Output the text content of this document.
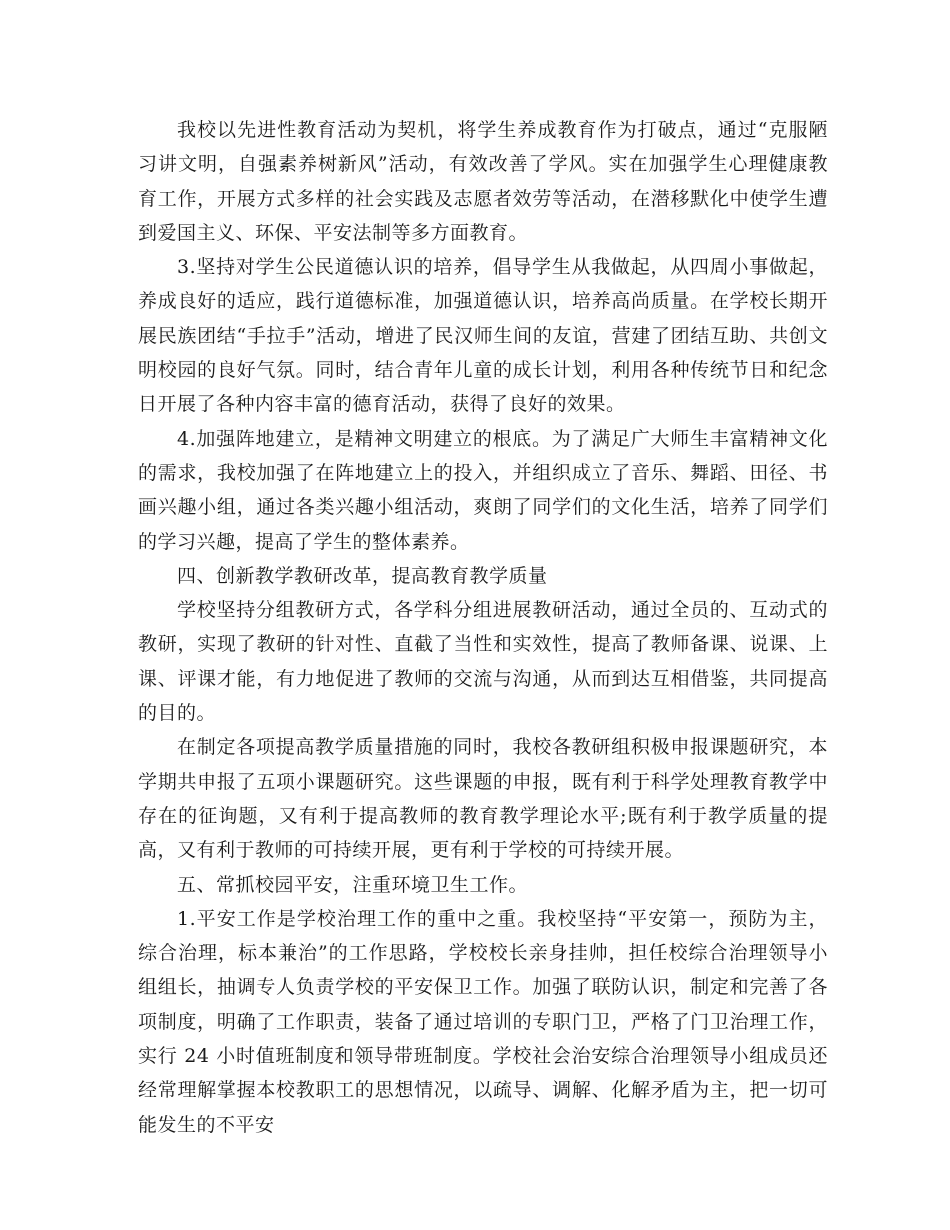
我校以先进性教育活动为契机，将学生养成教育作为打破点，通过“克服陋习讲文明，自强素养树新风”活动，有效改善了学风。实在加强学生心理健康教育工作，开展方式多样的社会实践及志愿者效劳等活动，在潜移默化中使学生遭到爱国主义、环保、平安法制等多方面教育。

3.坚持对学生公民道德认识的培养，倡导学生从我做起，从四周小事做起，养成良好的适应，践行道德标准，加强道德认识，培养高尚质量。在学校长期开展民族团结“手拉手”活动，增进了民汉师生间的友谊，营建了团结互助、共创文明校园的良好气氛。同时，结合青年儿童的成长计划，利用各种传统节日和纪念日开展了各种内容丰富的德育活动，获得了良好的效果。

4.加强阵地建立，是精神文明建立的根底。为了满足广大师生丰富精神文化的需求，我校加强了在阵地建立上的投入，并组织成立了音乐、舞蹈、田径、书画兴趣小组，通过各类兴趣小组活动，爽朗了同学们的文化生活，培养了同学们的学习兴趣，提高了学生的整体素养。

四、创新教学教研改革，提高教育教学质量

学校坚持分组教研方式，各学科分组进展教研活动，通过全员的、互动式的教研，实现了教研的针对性、直截了当性和实效性，提高了教师备课、说课、上课、评课才能，有力地促进了教师的交流与沟通，从而到达互相借鉴，共同提高的目的。

在制定各项提高教学质量措施的同时，我校各教研组积极申报课题研究，本学期共申报了五项小课题研究。这些课题的申报，既有利于科学处理教育教学中存在的征询题，又有利于提高教师的教育教学理论水平;既有利于教学质量的提高，又有利于教师的可持续开展，更有利于学校的可持续开展。

五、常抓校园平安，注重环境卫生工作。

1.平安工作是学校治理工作的重中之重。我校坚持“平安第一，预防为主，综合治理，标本兼治”的工作思路，学校校长亲身挂帅，担任校综合治理领导小组组长，抽调专人负责学校的平安保卫工作。加强了联防认识，制定和完善了各项制度，明确了工作职责，装备了通过培训的专职门卫，严格了门卫治理工作，实行 24 小时值班制度和领导带班制度。学校社会治安综合治理领导小组成员还经常理解掌握本校教职工的思想情况，以疏导、调解、化解矛盾为主，把一切可能发生的不平安
